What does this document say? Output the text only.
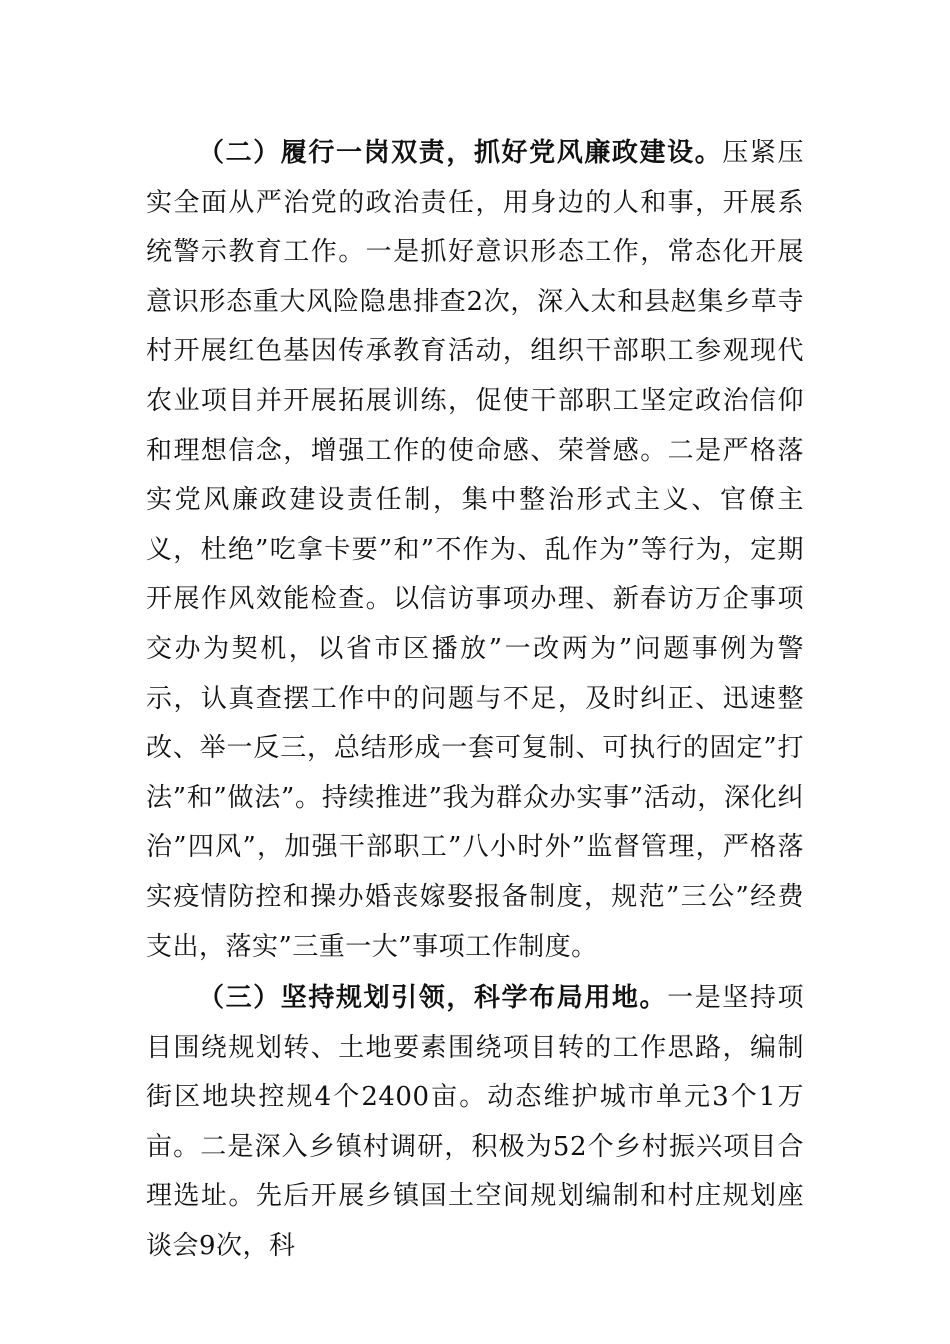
（二）履行一岗双责，抓好党风廉政建设。压紧压实全面从严治党的政治责任，用身边的人和事，开展系统警示教育工作。一是抓好意识形态工作，常态化开展意识形态重大风险隐患排查2次，深入太和县赵集乡草寺村开展红色基因传承教育活动，组织干部职工参观现代农业项目并开展拓展训练，促使干部职工坚定政治信仰和理想信念，增强工作的使命感、荣誉感。二是严格落实党风廉政建设责任制，集中整治形式主义、官僚主义，杜绝”吃拿卡要”和”不作为、乱作为”等行为，定期开展作风效能检查。以信访事项办理、新春访万企事项交办为契机，以省市区播放”一改两为”问题事例为警示，认真查摆工作中的问题与不足，及时纠正、迅速整改、举一反三，总结形成一套可复制、可执行的固定”打法”和”做法”。持续推进”我为群众办实事”活动，深化纠治”四风”，加强干部职工”八小时外”监督管理，严格落实疫情防控和操办婚丧嫁娶报备制度，规范”三公”经费支出，落实”三重一大”事项工作制度。

（三）坚持规划引领，科学布局用地。一是坚持项目围绕规划转、土地要素围绕项目转的工作思路，编制街区地块控规4个2400亩。动态维护城市单元3个1万亩。二是深入乡镇村调研，积极为52个乡村振兴项目合理选址。先后开展乡镇国土空间规划编制和村庄规划座谈会9次，科
